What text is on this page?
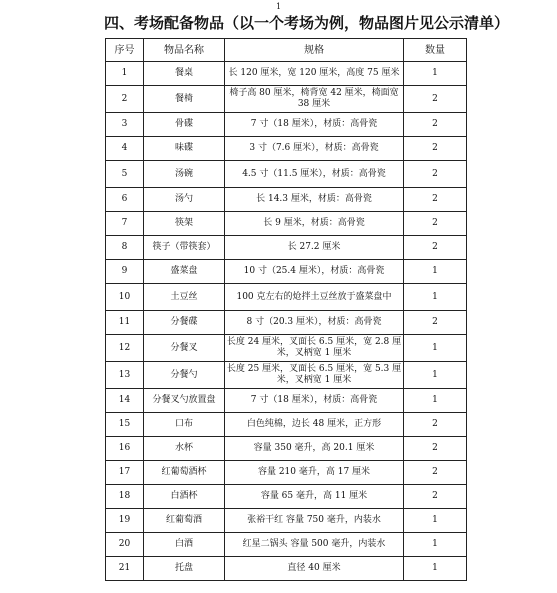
1
四、考场配备物品（以一个考场为例，物品图片见公示清单）
序号	物品名称	规格	数量
1	餐桌	长 120 厘米，宽 120 厘米，高度 75 厘米	1
2	餐椅	椅子高 80 厘米，椅背宽 42 厘米，椅面宽 38 厘米	2
3	骨碟	7 寸（18 厘米），材质：高骨瓷	2
4	味碟	3 寸（7.6 厘米），材质：高骨瓷	2
5	汤碗	4.5 寸（11.5 厘米），材质：高骨瓷	2
6	汤勺	长 14.3 厘米，材质：高骨瓷	2
7	筷架	长 9 厘米，材质：高骨瓷	2
8	筷子（带筷套）	长 27.2 厘米	2
9	盛菜盘	10 寸（25.4 厘米），材质：高骨瓷	1
10	土豆丝	100 克左右的炝拌土豆丝放于盛菜盘中	1
11	分餐碟	8 寸（20.3 厘米），材质：高骨瓷	2
12	分餐叉	长度 24 厘米，叉面长 6.5 厘米，宽 2.8 厘米，叉柄宽 1 厘米	1
13	分餐勺	长度 25 厘米，叉面长 6.5 厘米，宽 5.3 厘米，叉柄宽 1 厘米	1
14	分餐叉勺放置盘	7 寸（18 厘米），材质：高骨瓷	1
15	口布	白色纯棉，边长 48 厘米，正方形	2
16	水杯	容量 350 毫升，高 20.1 厘米	2
17	红葡萄酒杯	容量 210 毫升，高 17 厘米	2
18	白酒杯	容量 65 毫升，高 11 厘米	2
19	红葡萄酒	张裕干红 容量 750 毫升，内装水	1
20	白酒	红星二锅头 容量 500 毫升，内装水	1
21	托盘	直径 40 厘米	1
